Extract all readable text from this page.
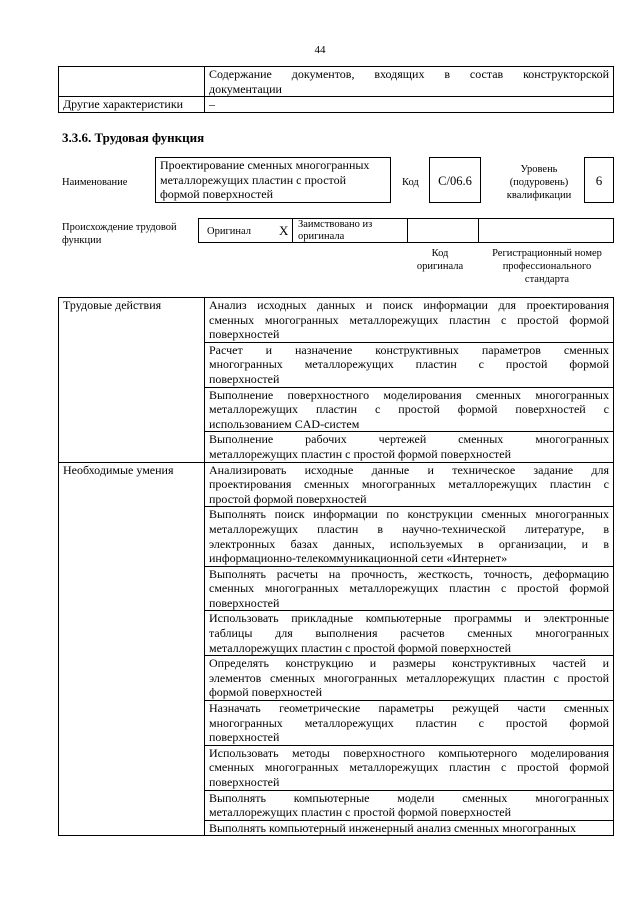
44

	Содержание документов, входящих в состав конструкторской
документации

Другие характеристики	–
3.3.6. Трудовая функция
Наименование
Проектирование сменных многогранных
металлорежущих пластин с простой
формой поверхностей
Код	C/06.6
Уровень
(подуровень)
квалификации
6
Происхождение трудовой
функции
Оригинал X Заимствовано из
оригинала
Код
оригинала
Регистрационный номер
профессионального
стандарта
Трудовые действия	Анализ исходных данных и поиск информации для проектирования
сменных многогранных металлорежущих пластин с простой формой
поверхностей

	Расчет и назначение конструктивных параметров сменных
многогранных металлорежущих пластин с простой формой
поверхностей

	Выполнение поверхностного моделирования сменных многогранных
металлорежущих пластин с простой формой поверхностей с
использованием CAD-систем

	Выполнение рабочих чертежей сменных многогранных
металлорежущих пластин с простой формой поверхностей

Необходимые умения	Анализировать исходные данные и техническое задание для
проектирования сменных многогранных металлорежущих пластин с
простой формой поверхностей

	Выполнять поиск информации по конструкции сменных многогранных
металлорежущих пластин в научно-технической литературе, в
электронных базах данных, используемых в организации, и в
информационно-телекоммуникационной сети «Интернет»

	Выполнять расчеты на прочность, жесткость, точность, деформацию
сменных многогранных металлорежущих пластин с простой формой
поверхностей

	Использовать прикладные компьютерные программы и электронные
таблицы для выполнения расчетов сменных многогранных
металлорежущих пластин с простой формой поверхностей

	Определять конструкцию и размеры конструктивных частей и
элементов сменных многогранных металлорежущих пластин с простой
формой поверхностей

	Назначать геометрические параметры режущей части сменных
многогранных металлорежущих пластин с простой формой
поверхностей

	Использовать методы поверхностного компьютерного моделирования
сменных многогранных металлорежущих пластин с простой формой
поверхностей

	Выполнять компьютерные модели сменных многогранных
металлорежущих пластин с простой формой поверхностей

	Выполнять компьютерный инженерный анализ сменных многогранных
